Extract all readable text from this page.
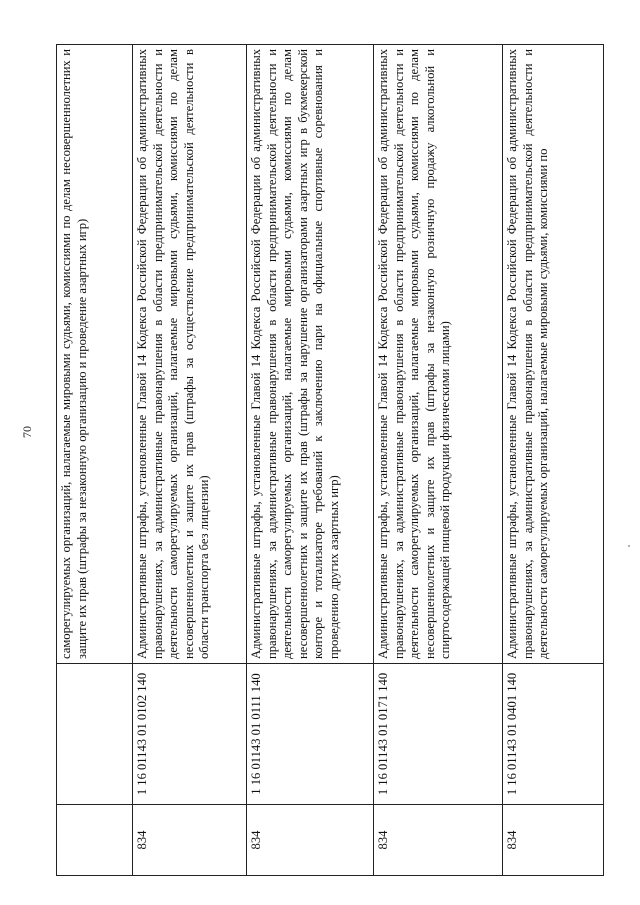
70
		саморегулируемых организаций, налагаемые мировыми судьями, комиссиями по делам несовершеннолетних и защите их прав (штрафы за незаконную организацию и проведение азартных игр)
834	1 16 01143 01 0102 140	Административные штрафы, установленные Главой 14 Кодекса Российской Федерации об административных правонарушениях, за административные правонарушения в области предпринимательской деятельности и деятельности саморегулируемых организаций, налагаемые мировыми судьями, комиссиями по делам несовершеннолетних и защите их прав (штрафы за осуществление предпринимательской деятельности в области транспорта без лицензии)
834	1 16 01143 01 0111 140	Административные штрафы, установленные Главой 14 Кодекса Российской Федерации об административных правонарушениях, за административные правонарушения в области предпринимательской деятельности и деятельности саморегулируемых организаций, налагаемые мировыми судьями, комиссиями по делам несовершеннолетних и защите их прав (штрафы за нарушение организаторами азартных игр в букмекерской конторе и тотализаторе требований к заключению пари на официальные спортивные соревнования и проведению других азартных игр)
834	1 16 01143 01 0171 140	Административные штрафы, установленные Главой 14 Кодекса Российской Федерации об административных правонарушениях, за административные правонарушения в области предпринимательской деятельности и деятельности саморегулируемых организаций, налагаемые мировыми судьями, комиссиями по делам несовершеннолетних и защите их прав (штрафы за незаконную розничную продажу алкогольной и спиртосодержащей пищевой продукции физическими лицами)
834	1 16 01143 01 0401 140	Административные штрафы, установленные Главой 14 Кодекса Российской Федерации об административных правонарушениях, за административные правонарушения в области предпринимательской деятельности и деятельности саморегулируемых организаций, налагаемые мировыми судьями, комиссиями по
